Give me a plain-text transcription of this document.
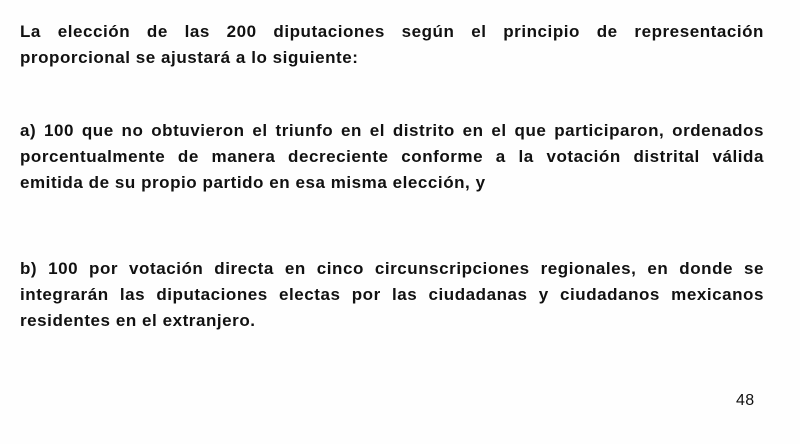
La elección de las 200 diputaciones según el principio de representación proporcional se ajustará a lo siguiente:

a) 100 que no obtuvieron el triunfo en el distrito en el que participaron, ordenados porcentualmente de manera decreciente conforme a la votación distrital válida emitida de su propio partido en esa misma elección, y

b) 100 por votación directa en cinco circunscripciones regionales, en donde se integrarán las diputaciones electas por las ciudadanas y ciudadanos mexicanos residentes en el extranjero.

48
